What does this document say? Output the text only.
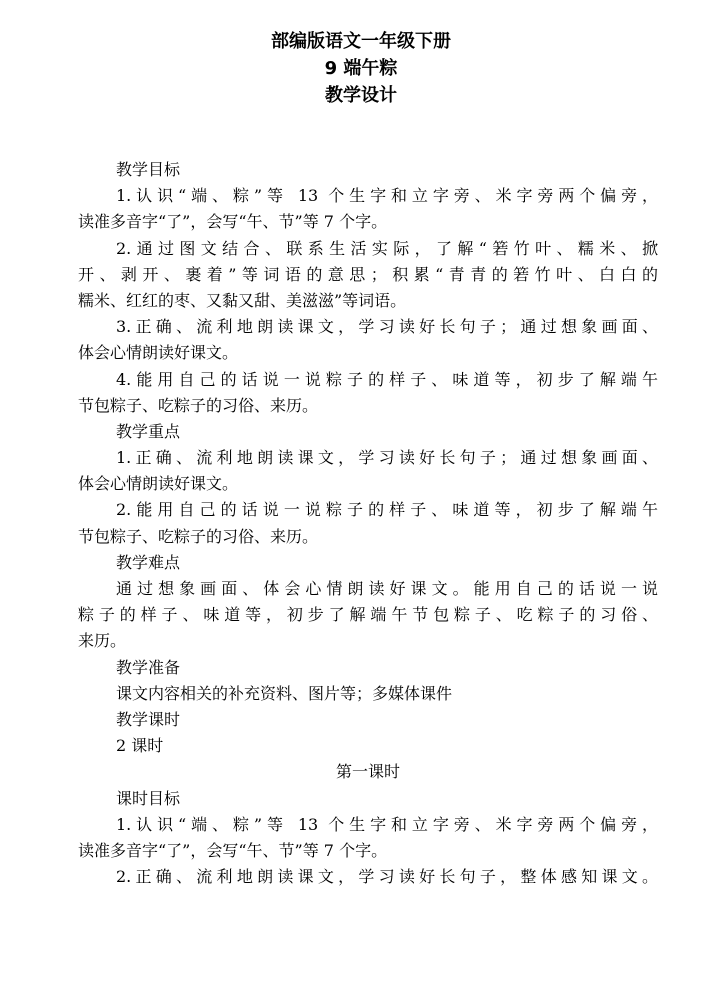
部编版语文一年级下册
9 端午粽
教学设计
教学目标
1.认识“端、粽”等 13 个生字和立字旁、米字旁两个偏旁，
读准多音字“了”，会写“午、节”等 7 个字。
2.通过图文结合、联系生活实际，了解“箬竹叶、糯米、掀
开、剥开、裹着”等词语的意思；积累“青青的箬竹叶、白白的
糯米、红红的枣、又黏又甜、美滋滋”等词语。
3.正确、流利地朗读课文，学习读好长句子；通过想象画面、
体会心情朗读好课文。
4.能用自己的话说一说粽子的样子、味道等，初步了解端午
节包粽子、吃粽子的习俗、来历。
教学重点
1.正确、流利地朗读课文，学习读好长句子；通过想象画面、
体会心情朗读好课文。
2.能用自己的话说一说粽子的样子、味道等，初步了解端午
节包粽子、吃粽子的习俗、来历。
教学难点
通过想象画面、体会心情朗读好课文。能用自己的话说一说
粽子的样子、味道等，初步了解端午节包粽子、吃粽子的习俗、
来历。
教学准备
课文内容相关的补充资料、图片等；多媒体课件
教学课时
2 课时
第一课时
课时目标
1.认识“端、粽”等 13 个生字和立字旁、米字旁两个偏旁，
读准多音字“了”，会写“午、节”等 7 个字。
2.正确、流利地朗读课文，学习读好长句子，整体感知课文。
